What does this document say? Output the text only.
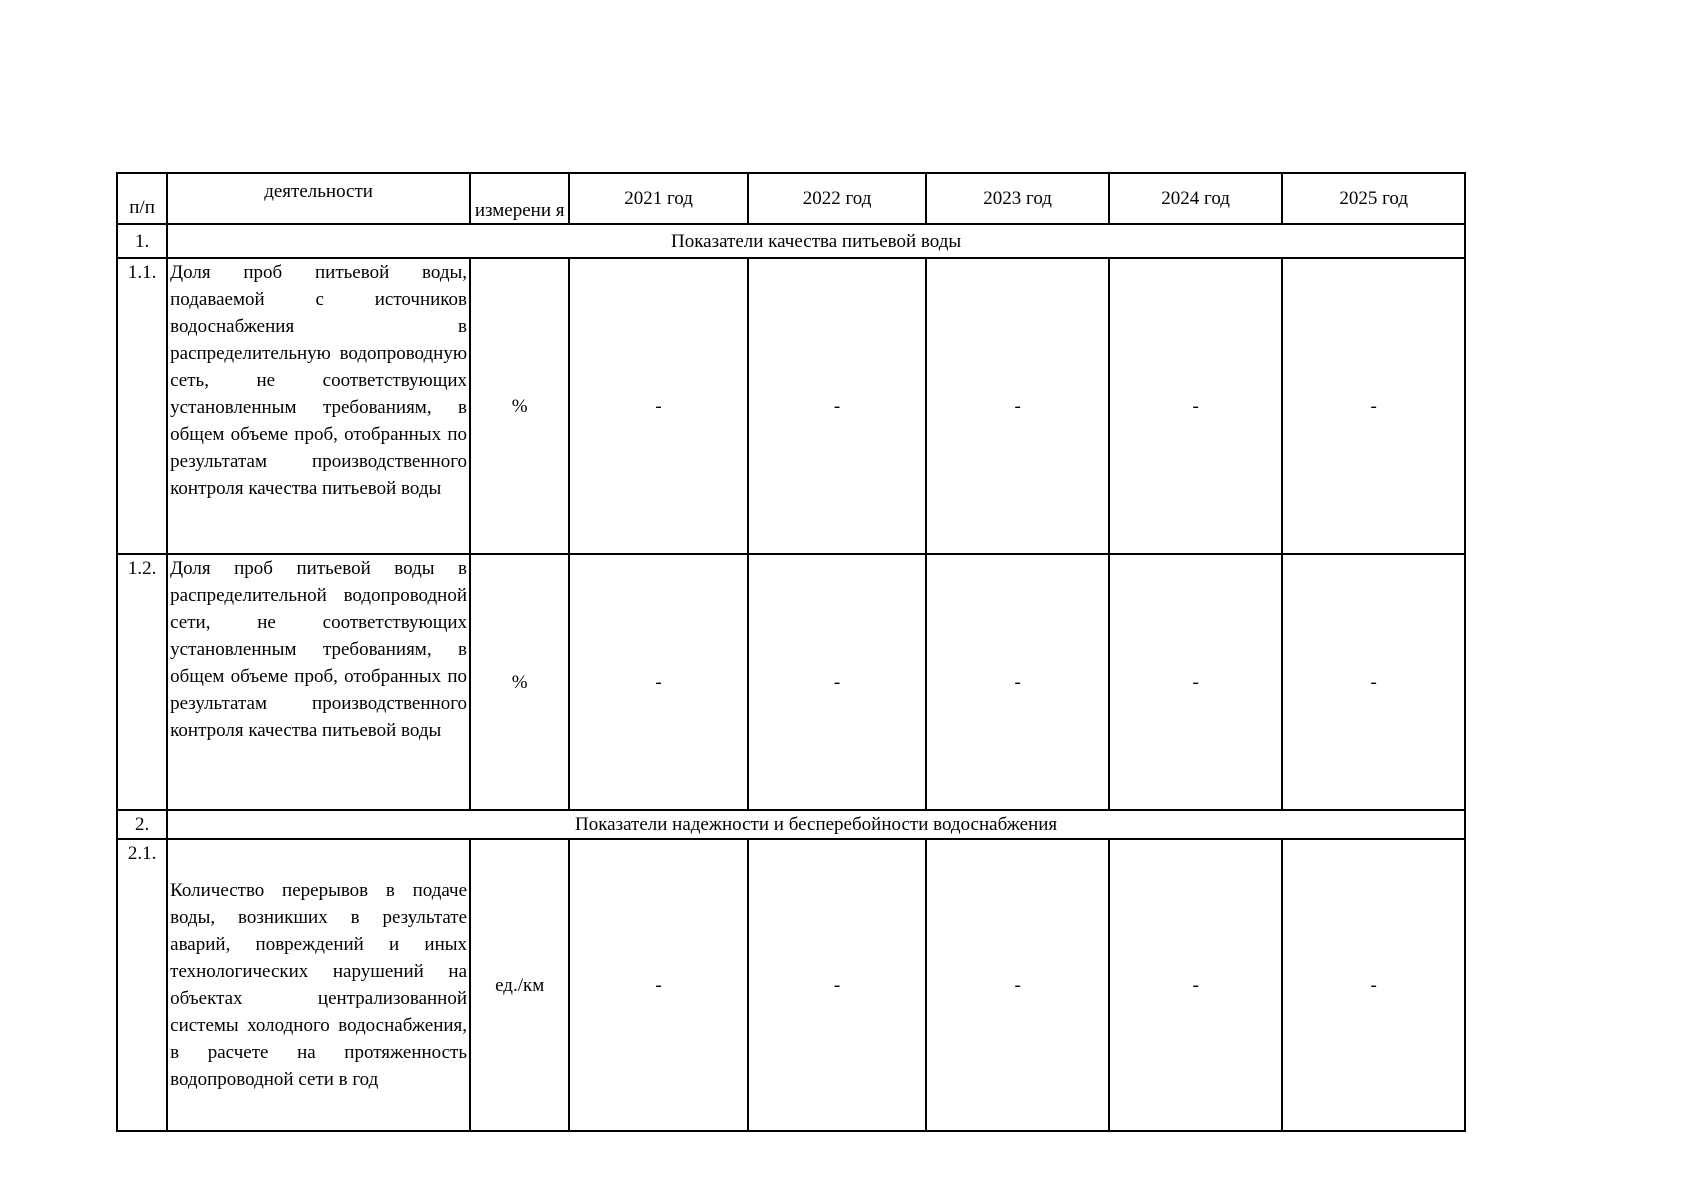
п/п	деятельности	измерени я	2021 год	2022 год	2023 год	2024 год	2025 год
1.	Показатели качества питьевой воды						
1.1.	Доля проб питьевой воды, подаваемой с источников водоснабжения в распределительную водопроводную сеть, не соответствующих установленным требованиям, в общем объеме проб, отобранных по результатам производственного контроля качества питьевой воды	%	-	-	-	-	-
1.2.	Доля проб питьевой воды в распределительной водопроводной сети, не соответствующих установленным требованиям, в общем объеме проб, отобранных по результатам производственного контроля качества питьевой воды	%	-	-	-	-	-
2.	Показатели надежности и бесперебойности водоснабжения						
2.1.	Количество перерывов в подаче воды, возникших в результате аварий, повреждений и иных технологических нарушений на объектах централизованной системы холодного водоснабжения, в расчете на протяженность водопроводной сети в год	ед./км	-	-	-	-	-
